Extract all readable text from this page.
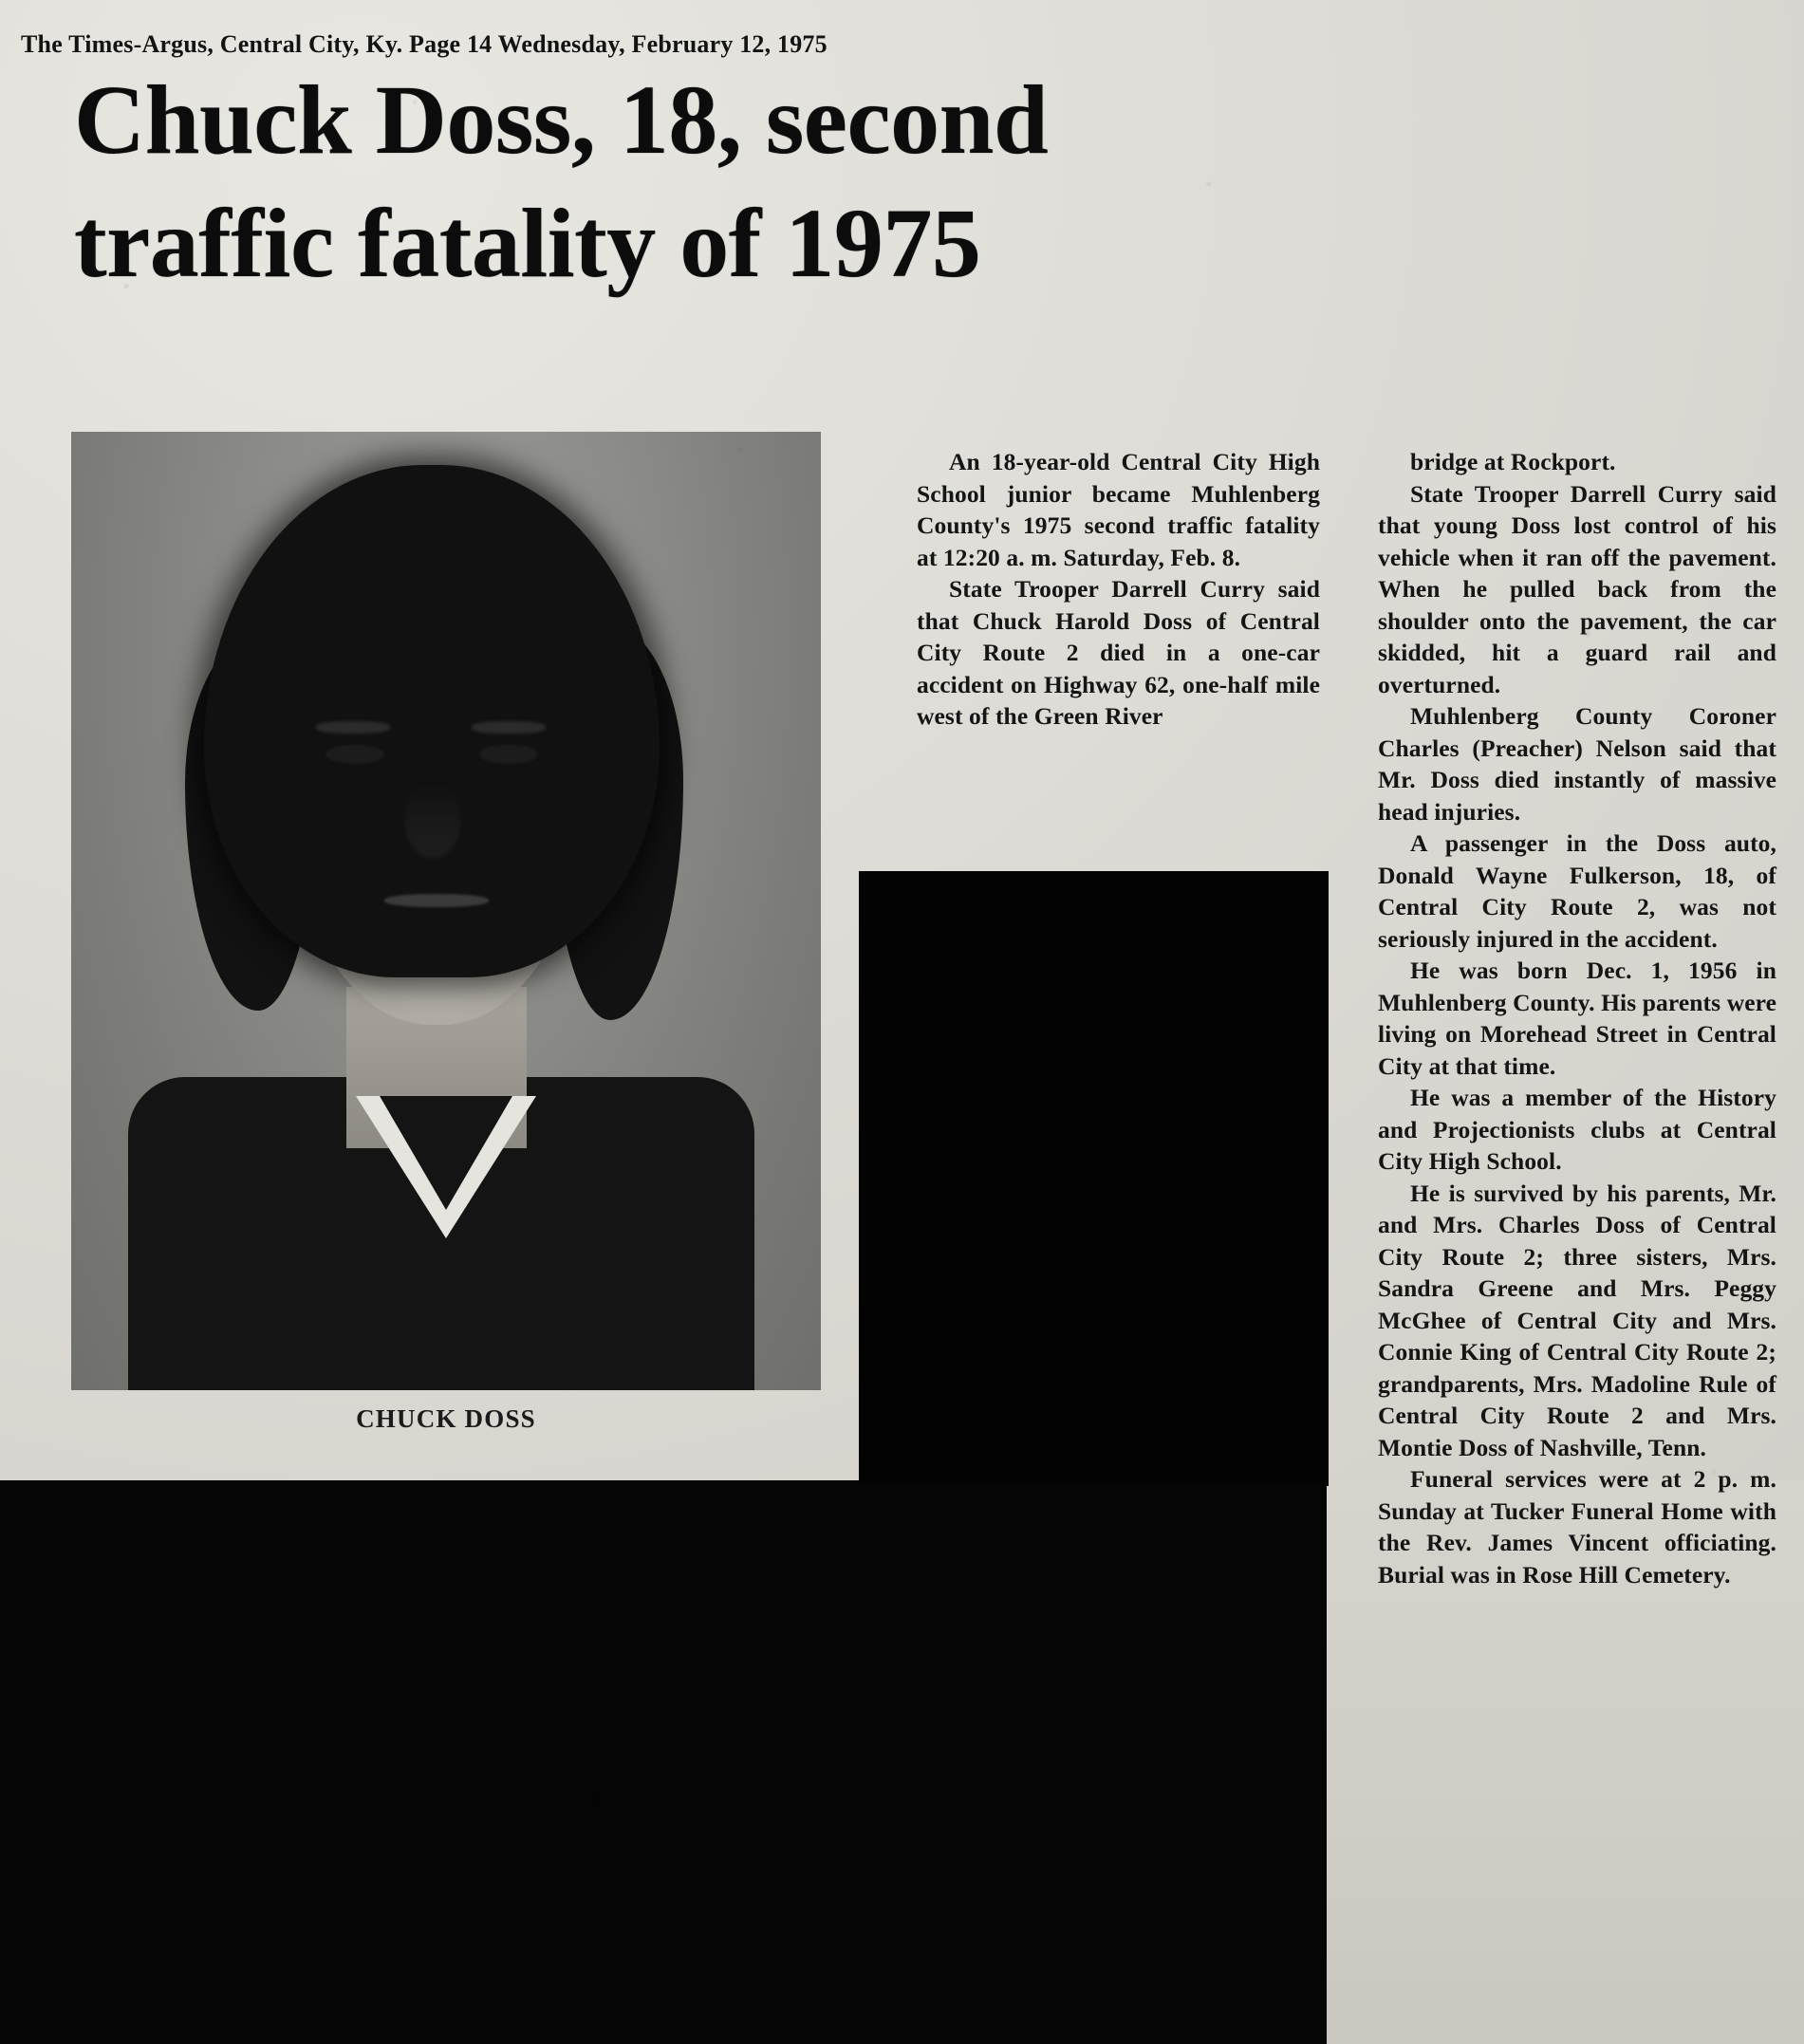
The Times-Argus, Central City, Ky. Page 14 Wednesday, February 12, 1975
Chuck Doss, 18, second
traffic fatality of 1975
CHUCK DOSS

An 18-year-old Central City High School junior became Muhlenberg County's 1975 second traffic fatality at 12:20 a. m. Saturday, Feb. 8.

State Trooper Darrell Curry said that Chuck Harold Doss of Central City Route 2 died in a one-car accident on Highway 62, one-half mile west of the Green River

bridge at Rockport.

State Trooper Darrell Curry said that young Doss lost control of his vehicle when it ran off the pavement. When he pulled back from the shoulder onto the pavement, the car skidded, hit a guard rail and overturned.

Muhlenberg County Coroner Charles (Preacher) Nelson said that Mr. Doss died instantly of massive head injuries.

A passenger in the Doss auto, Donald Wayne Fulkerson, 18, of Central City Route 2, was not seriously injured in the accident.

He was born Dec. 1, 1956 in Muhlenberg County. His parents were living on Morehead Street in Central City at that time.

He was a member of the History and Projectionists clubs at Central City High School.

He is survived by his parents, Mr. and Mrs. Charles Doss of Central City Route 2; three sisters, Mrs. Sandra Greene and Mrs. Peggy McGhee of Central City and Mrs. Connie King of Central City Route 2; grandparents, Mrs. Madoline Rule of Central City Route 2 and Mrs. Montie Doss of Nashville, Tenn.

Funeral services were at 2 p. m. Sunday at Tucker Funeral Home with the Rev. James Vincent officiating. Burial was in Rose Hill Cemetery.
